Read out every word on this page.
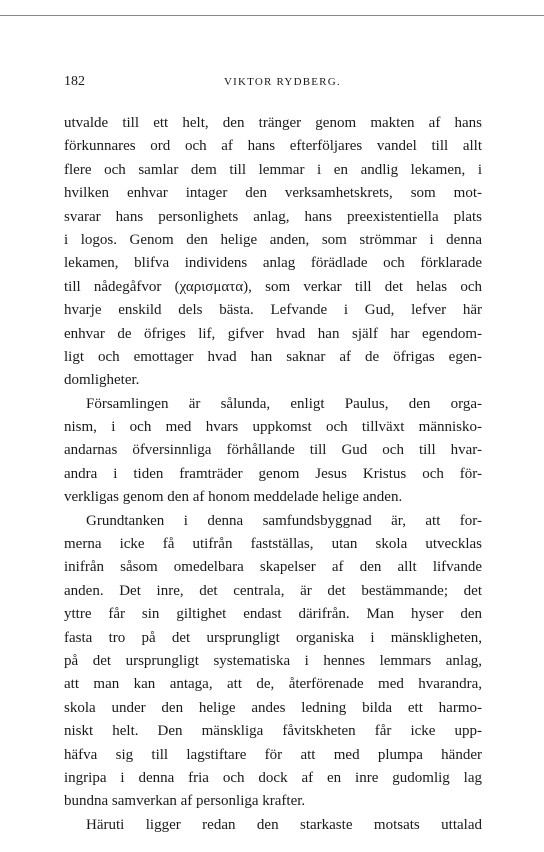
182	VIKTOR RYDBERG.
utvalde till ett helt, den tränger genom makten af hans
förkunnares ord och af hans efterföljares vandel till allt
flere och samlar dem till lemmar i en andlig lekamen, i
hvilken enhvar intager den verksamhetskrets, som mot-
svarar hans personlighets anlag, hans preexistentiella plats
i logos. Genom den helige anden, som strömmar i denna
lekamen, blifva individens anlag förädlade och förklarade
till nådegåfvor (χαρισματα), som verkar till det helas och
hvarje enskild dels bästa. Lefvande i Gud, lefver här
enhvar de öfriges lif, gifver hvad han själf har egendom-
ligt och emottager hvad han saknar af de öfrigas egen-
domligheter.
Församlingen är sålunda, enligt Paulus, den orga-
nism, i och med hvars uppkomst och tillväxt människo-
andarnas öfversinnliga förhållande till Gud och till hvar-
andra i tiden framträder genom Jesus Kristus och för-
verkligas genom den af honom meddelade helige anden.
Grundtanken i denna samfundsbyggnad är, att for-
merna icke få utifrån fastställas, utan skola utvecklas
inifrån såsom omedelbara skapelser af den allt lifvande
anden. Det inre, det centrala, är det bestämmande; det
yttre får sin giltighet endast därifrån. Man hyser den
fasta tro på det ursprungligt organiska i mänskligheten,
på det ursprungligt systematiska i hennes lemmars anlag,
att man kan antaga, att de, återförenade med hvarandra,
skola under den helige andes ledning bilda ett harmo-
niskt helt. Den mänskliga fåvitskheten får icke upp-
häfva sig till lagstiftare för att med plumpa händer
ingripa i denna fria och dock af en inre gudomlig lag
bundna samverkan af personliga krafter.
Häruti ligger redan den starkaste motsats uttalad
